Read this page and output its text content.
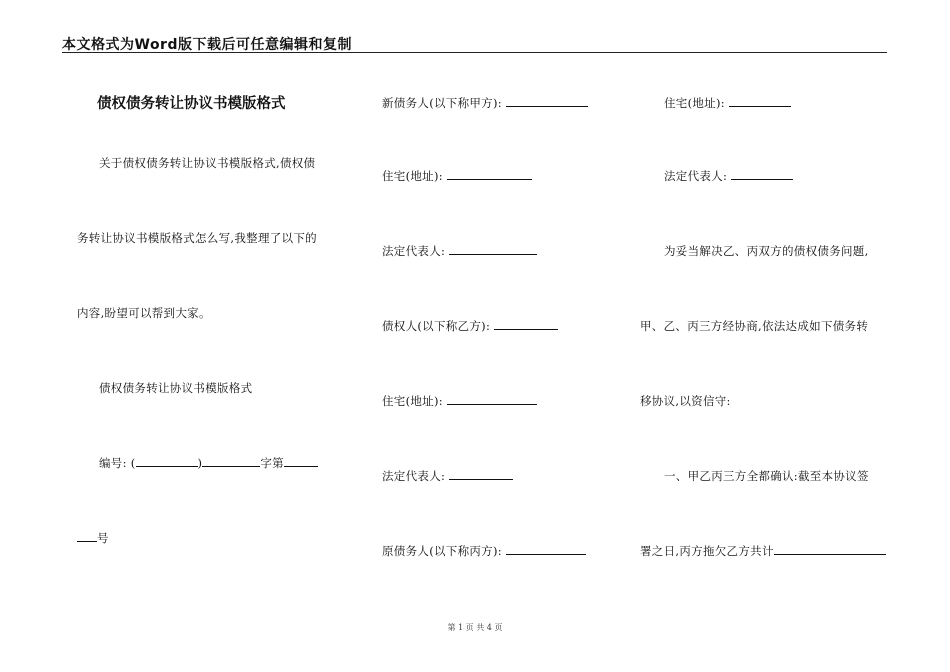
本文格式为Word版下载后可任意编辑和复制
债权债务转让协议书模版格式
关于债权债务转让协议书模版格式,债权债
务转让协议书模版格式怎么写,我整理了以下的
内容,盼望可以帮到大家。
债权债务转让协议书模版格式
编号: (	)	字第
号
新债务人(以下称甲方):
住宅(地址):
法定代表人:
债权人(以下称乙方):
住宅(地址):
法定代表人:
原债务人(以下称丙方):
住宅(地址):
法定代表人:
为妥当解决乙、丙双方的债权债务问题,
甲、乙、丙三方经协商,依法达成如下债务转
移协议,以资信守:
一、甲乙丙三方全都确认:截至本协议签
署之日,丙方拖欠乙方共计
第 1 页 共 4 页
